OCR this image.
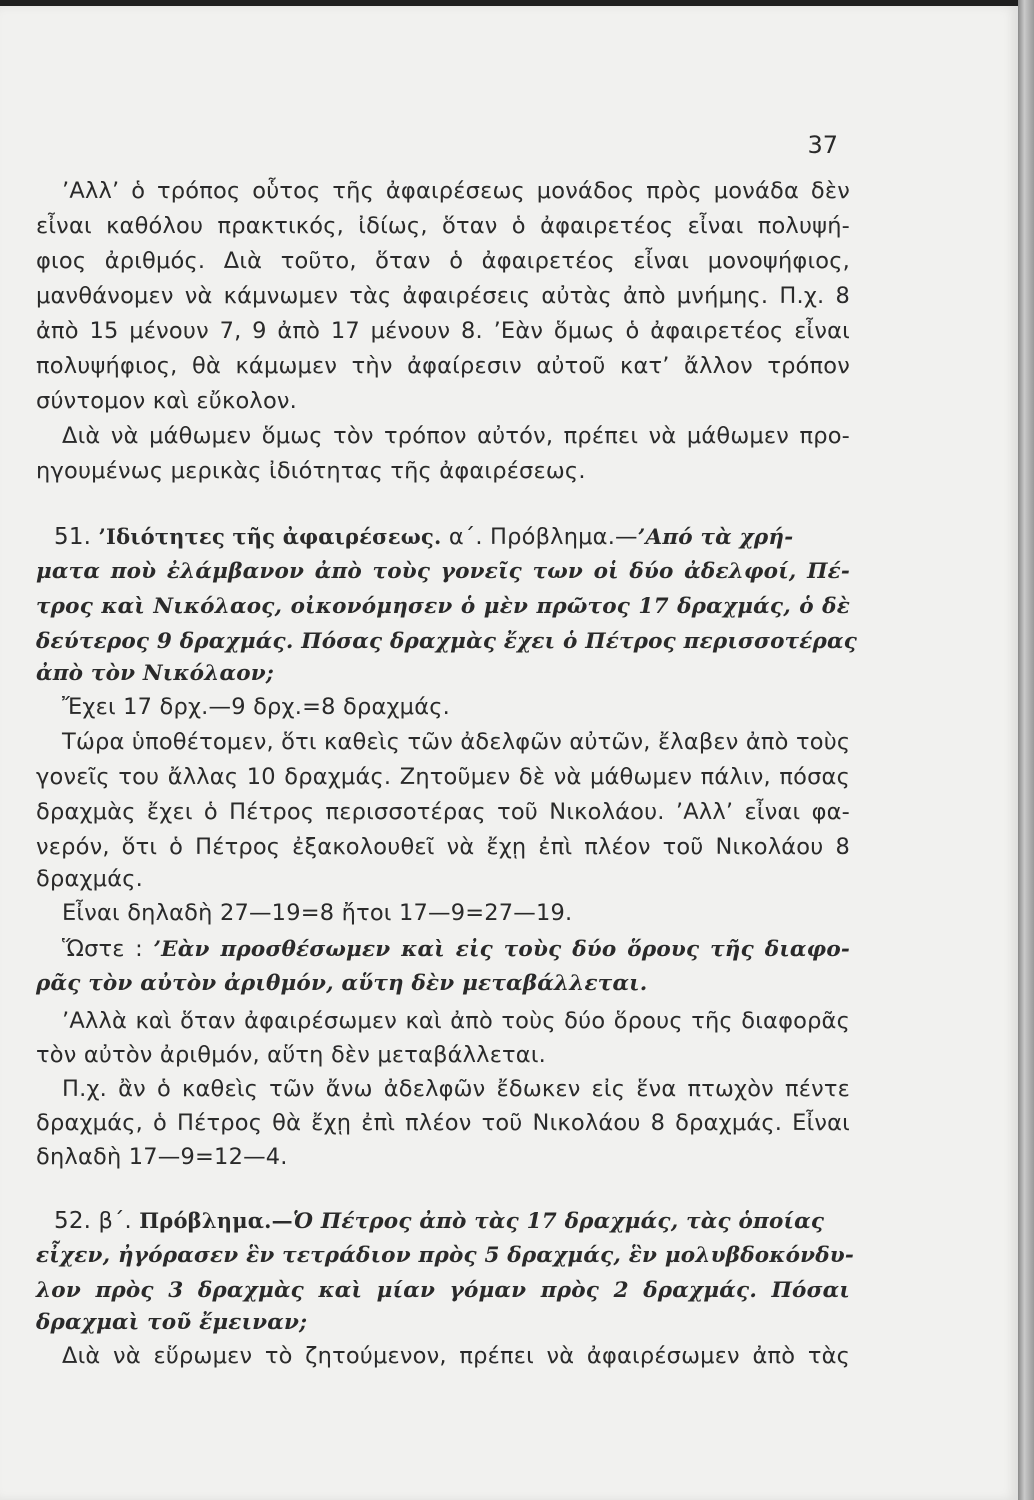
37
’Αλλ’ ὁ τρόπος οὗτος τῆς ἀφαιρέσεως μονάδος πρὸς μονάδα δὲν
εἶναι καθόλου πρακτικός, ἰδίως, ὅταν ὁ ἀφαιρετέος εἶναι πολυψή-
φιος ἀριθμός. Διὰ τοῦτο, ὅταν ὁ ἀφαιρετέος εἶναι μονοψήφιος,
μανθάνομεν νὰ κάμνωμεν τὰς ἀφαιρέσεις αὐτὰς ἀπὸ μνήμης. Π.χ. 8
ἀπὸ 15 μένουν 7, 9 ἀπὸ 17 μένουν 8. ’Εὰν ὅμως ὁ ἀφαιρετέος εἶναι
πολυψήφιος, θὰ κάμωμεν τὴν ἀφαίρεσιν αὐτοῦ κατ’ ἄλλον τρόπον
σύντομον καὶ εὔκολον.
Διὰ νὰ μάθωμεν ὅμως τὸν τρόπον αὐτόν, πρέπει νὰ μάθωμεν προ-
ηγουμένως μερικὰς ἰδιότητας τῆς ἀφαιρέσεως.
51. ’Ιδιότητες τῆς ἀφαιρέσεως. α΄. Πρόβλημα.—’Από τὰ χρή-
ματα ποὺ ἐλάμβανον ἀπὸ τοὺς γονεῖς των οἱ δύο ἀδελφοί, Πέ-
τρος καὶ Νικόλαος, οἰκονόμησεν ὁ μὲν πρῶτος 17 δραχμάς, ὁ δὲ
δεύτερος 9 δραχμάς. Πόσας δραχμὰς ἔχει ὁ Πέτρος περισσοτέρας
ἀπὸ τὸν Νικόλαον;
Ἔχει 17 δρχ.—9 δρχ.=8 δραχμάς.
Τώρα ὑποθέτομεν, ὅτι καθεὶς τῶν ἀδελφῶν αὐτῶν, ἔλαβεν ἀπὸ τοὺς
γονεῖς του ἄλλας 10 δραχμάς. Ζητοῦμεν δὲ νὰ μάθωμεν πάλιν, πόσας
δραχμὰς ἔχει ὁ Πέτρος περισσοτέρας τοῦ Νικολάου. ’Αλλ’ εἶναι φα-
νερόν, ὅτι ὁ Πέτρος ἐξακολουθεῖ νὰ ἔχῃ ἐπὶ πλέον τοῦ Νικολάου 8
δραχμάς.
Εἶναι δηλαδὴ 27—19=8 ἤτοι 17—9=27—19.
Ὥστε : ’Εὰν προσθέσωμεν καὶ εἰς τοὺς δύο ὅρους τῆς διαφο-
ρᾶς τὸν αὐτὸν ἀριθμόν, αὕτη δὲν μεταβάλλεται.
’Αλλὰ καὶ ὅταν ἀφαιρέσωμεν καὶ ἀπὸ τοὺς δύο ὅρους τῆς διαφορᾶς
τὸν αὐτὸν ἀριθμόν, αὕτη δὲν μεταβάλλεται.
Π.χ. ἂν ὁ καθεὶς τῶν ἄνω ἀδελφῶν ἔδωκεν εἰς ἕνα πτωχὸν πέντε
δραχμάς, ὁ Πέτρος θὰ ἔχῃ ἐπὶ πλέον τοῦ Νικολάου 8 δραχμάς. Εἶναι
δηλαδὴ 17—9=12—4.
52. β΄. Πρόβλημα.—Ὁ Πέτρος ἀπὸ τὰς 17 δραχμάς, τὰς ὁποίας
εἶχεν, ἠγόρασεν ἓν τετράδιον πρὸς 5 δραχμάς, ἓν μολυβδοκόνδυ-
λον πρὸς 3 δραχμὰς καὶ μίαν γόμαν πρὸς 2 δραχμάς. Πόσαι
δραχμαὶ τοῦ ἔμειναν;
Διὰ νὰ εὕρωμεν τὸ ζητούμενον, πρέπει νὰ ἀφαιρέσωμεν ἀπὸ τὰς
